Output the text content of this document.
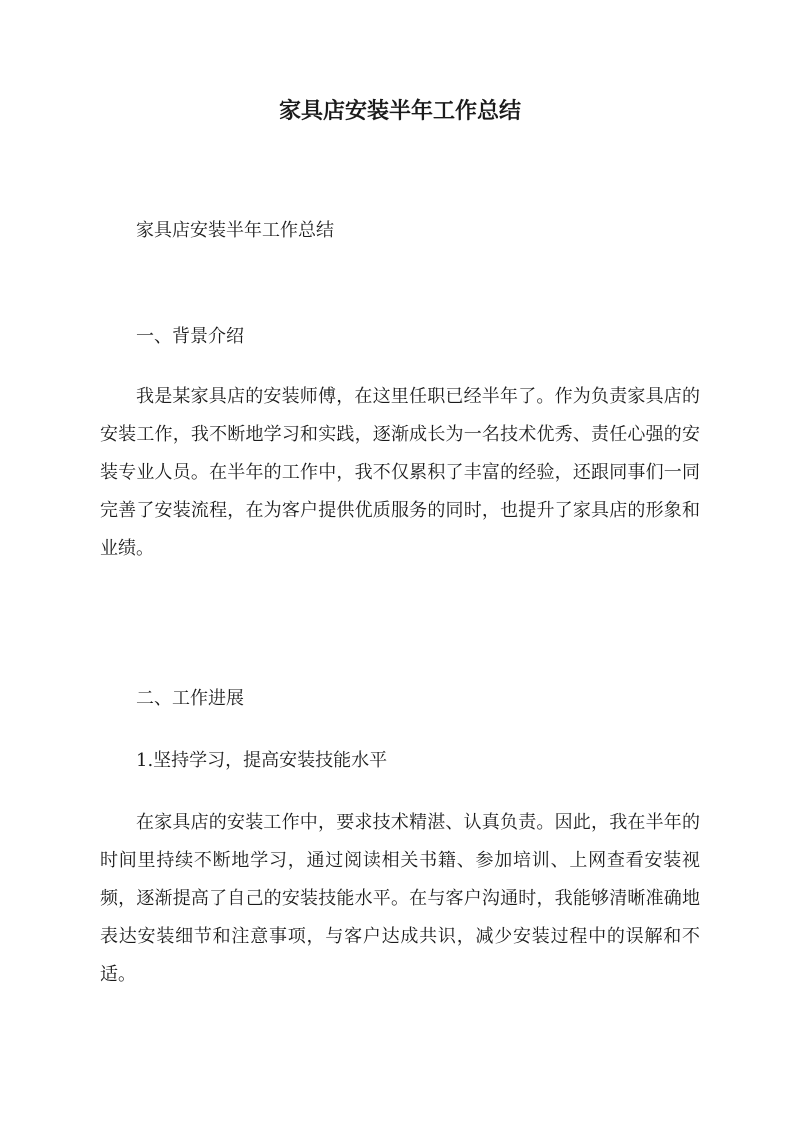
家具店安装半年工作总结

家具店安装半年工作总结

一、背景介绍

我是某家具店的安装师傅，在这里任职已经半年了。作为负责家具店的安装工作，我不断地学习和实践，逐渐成长为一名技术优秀、责任心强的安装专业人员。在半年的工作中，我不仅累积了丰富的经验，还跟同事们一同完善了安装流程，在为客户提供优质服务的同时，也提升了家具店的形象和业绩。

二、工作进展

1.坚持学习，提高安装技能水平

在家具店的安装工作中，要求技术精湛、认真负责。因此，我在半年的时间里持续不断地学习，通过阅读相关书籍、参加培训、上网查看安装视频，逐渐提高了自己的安装技能水平。在与客户沟通时，我能够清晰准确地表达安装细节和注意事项，与客户达成共识，减少安装过程中的误解和不适。
